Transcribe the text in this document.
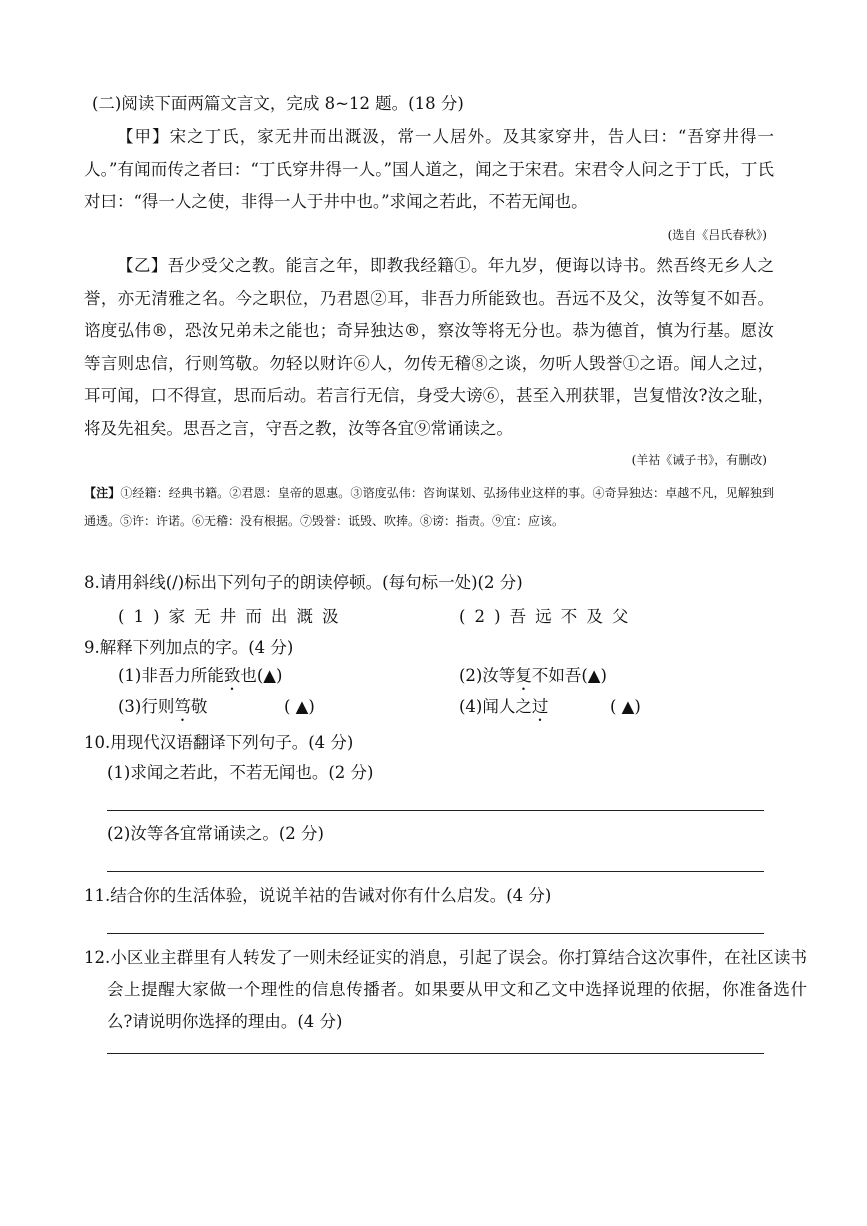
(二)阅读下面两篇文言文，完成 8~12 题。(18 分)
【甲】宋之丁氏，家无井而出溉汲，常一人居外。及其家穿井，告人曰：“吾穿井得一人。”有闻而传之者曰：“丁氏穿井得一人。”国人道之，闻之于宋君。宋君令人问之于丁氏，丁氏对曰：“得一人之使，非得一人于井中也。”求闻之若此，不若无闻也。
(选自《吕氏春秋》)
【乙】吾少受父之教。能言之年，即教我经籍①。年九岁，便诲以诗书。然吾终无乡人之誉，亦无清雅之名。今之职位，乃君恩②耳，非吾力所能致也。吾远不及父，汝等复不如吾。谘度弘伟®，恐汝兄弟未之能也；奇异独达®，察汝等将无分也。恭为德首，慎为行基。愿汝等言则忠信，行则笃敬。勿轻以财许⑥人，勿传无稽⑧之谈，勿听人毁誉①之语。闻人之过，耳可闻，口不得宣，思而后动。若言行无信，身受大谤⑥，甚至入刑获罪，岂复惜汝?汝之耻，将及先祖矣。思吾之言，守吾之教，汝等各宜⑨常诵读之。
(羊祜《诫子书》，有删改)
【注】①经籍：经典书籍。②君恩：皇帝的恩惠。③谘度弘伟：咨询谋划、弘扬伟业这样的事。④奇异独达：卓越不凡，见解独到通透。⑤许：许诺。⑥无稽：没有根据。⑦毁誉：诋毁、吹捧。⑧谤：指责。⑨宜：应该。
8.请用斜线(/)标出下列句子的朗读停顿。(每句标一处)(2 分)
(1)家无井而出溉汲	(2)吾远不及父
9.解释下列加点的字。(4 分)
(1)非吾力所能致也(▲)	(2)汝等复不如吾(▲)
(3)行则笃敬	( ▲)	(4)闻人之过	( ▲)
10.用现代汉语翻译下列句子。(4 分)
(1)求闻之若此，不若无闻也。(2 分)
(2)汝等各宜常诵读之。(2 分)
11.结合你的生活体验，说说羊祜的告诫对你有什么启发。(4 分)
12.小区业主群里有人转发了一则未经证实的消息，引起了误会。你打算结合这次事件，在社区读书会上提醒大家做一个理性的信息传播者。如果要从甲文和乙文中选择说理的依据，你准备选什么?请说明你选择的理由。(4 分)
